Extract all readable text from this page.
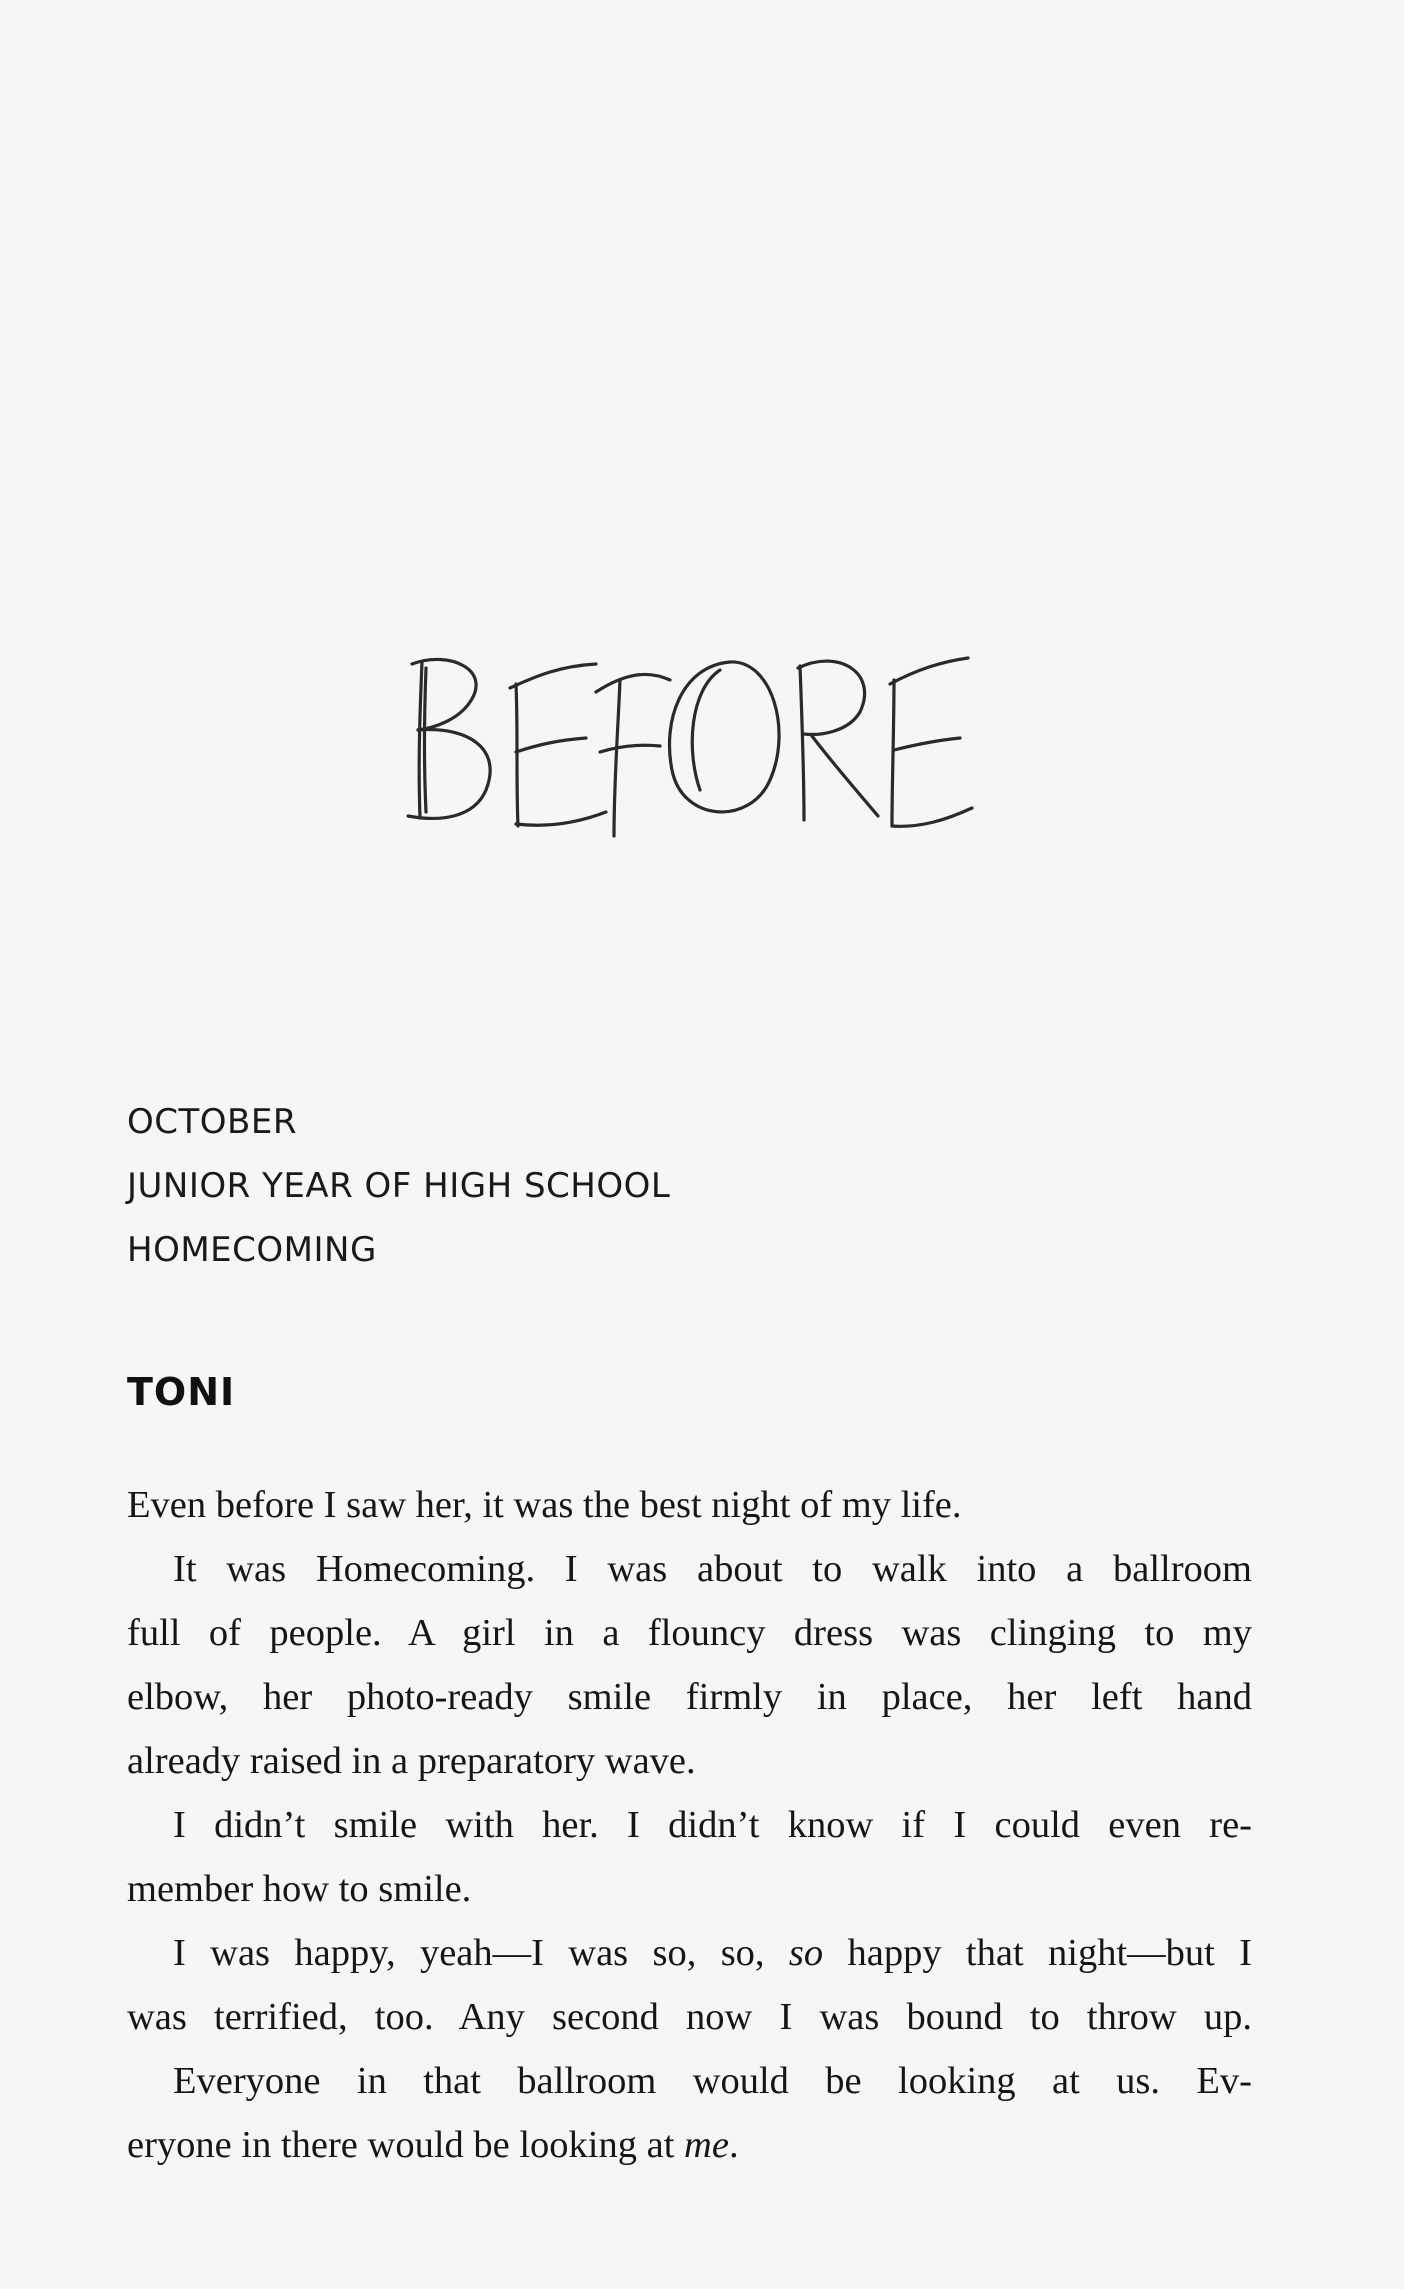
OCTOBER
JUNIOR YEAR OF HIGH SCHOOL
HOMECOMING
TONI

Even before I saw her, it was the best night of my life.

It was Homecoming. I was about to walk into a ballroom
full of people. A girl in a flouncy dress was clinging to my
elbow, her photo-ready smile firmly in place, her left hand
already raised in a preparatory wave.

I didn’t smile with her. I didn’t know if I could even re-
member how to smile.

I was happy, yeah—I was so, so, so happy that night—but I
was terrified, too. Any second now I was bound to throw up.

Everyone in that ballroom would be looking at us. Ev-
eryone in there would be looking at me.
